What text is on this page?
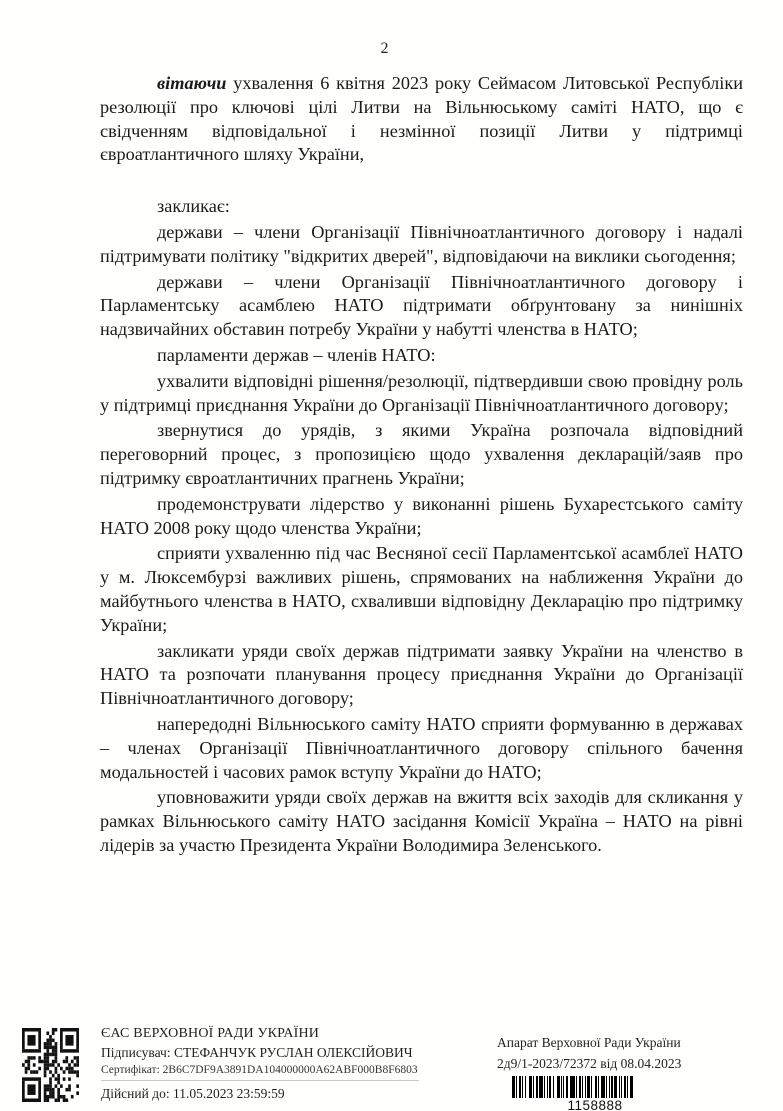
2

вітаючи ухвалення 6 квітня 2023 року Сеймасом Литовської Республіки резолюції про ключові цілі Литви на Вільнюському саміті НАТО, що є свідченням відповідальної і незмінної позиції Литви у підтримці євроатлантичного шляху України,

закликає:

держави – члени Організації Північноатлантичного договору і надалі підтримувати політику "відкритих дверей", відповідаючи на виклики сьогодення;

держави – члени Організації Північноатлантичного договору і Парламентську асамблею НАТО підтримати обґрунтовану за нинішніх надзвичайних обставин потребу України у набутті членства в НАТО;

парламенти держав – членів НАТО:

ухвалити відповідні рішення/резолюції, підтвердивши свою провідну роль у підтримці приєднання України до Організації Північноатлантичного договору;

звернутися до урядів, з якими Україна розпочала відповідний переговорний процес, з пропозицією щодо ухвалення декларацій/заяв про підтримку євроатлантичних прагнень України;

продемонструвати лідерство у виконанні рішень Бухарестського саміту НАТО 2008 року щодо членства України;

сприяти ухваленню під час Весняної сесії Парламентської асамблеї НАТО у м. Люксембурзі важливих рішень, спрямованих на наближення України до майбутнього членства в НАТО, схваливши відповідну Декларацію про підтримку України;

закликати уряди своїх держав підтримати заявку України на членство в НАТО та розпочати планування процесу приєднання України до Організації Північноатлантичного договору;

напередодні Вільнюського саміту НАТО сприяти формуванню в державах – членах Організації Північноатлантичного договору спільного бачення модальностей і часових рамок вступу України до НАТО;

уповноважити уряди своїх держав на вжиття всіх заходів для скликання у рамках Вільнюського саміту НАТО засідання Комісії Україна – НАТО на рівні лідерів за участю Президента України Володимира Зеленського.

ЄАС ВЕРХОВНОЇ РАДИ УКРАЇНИ
Підписувач: СТЕФАНЧУК РУСЛАН ОЛЕКСІЙОВИЧ
Сертифікат: 2B6C7DF9A3891DA104000000A62ABF000B8F6803
Дійсний до: 11.05.2023 23:59:59
Апарат Верховної Ради України
2д9/1-2023/72372 від 08.04.2023
1158888
